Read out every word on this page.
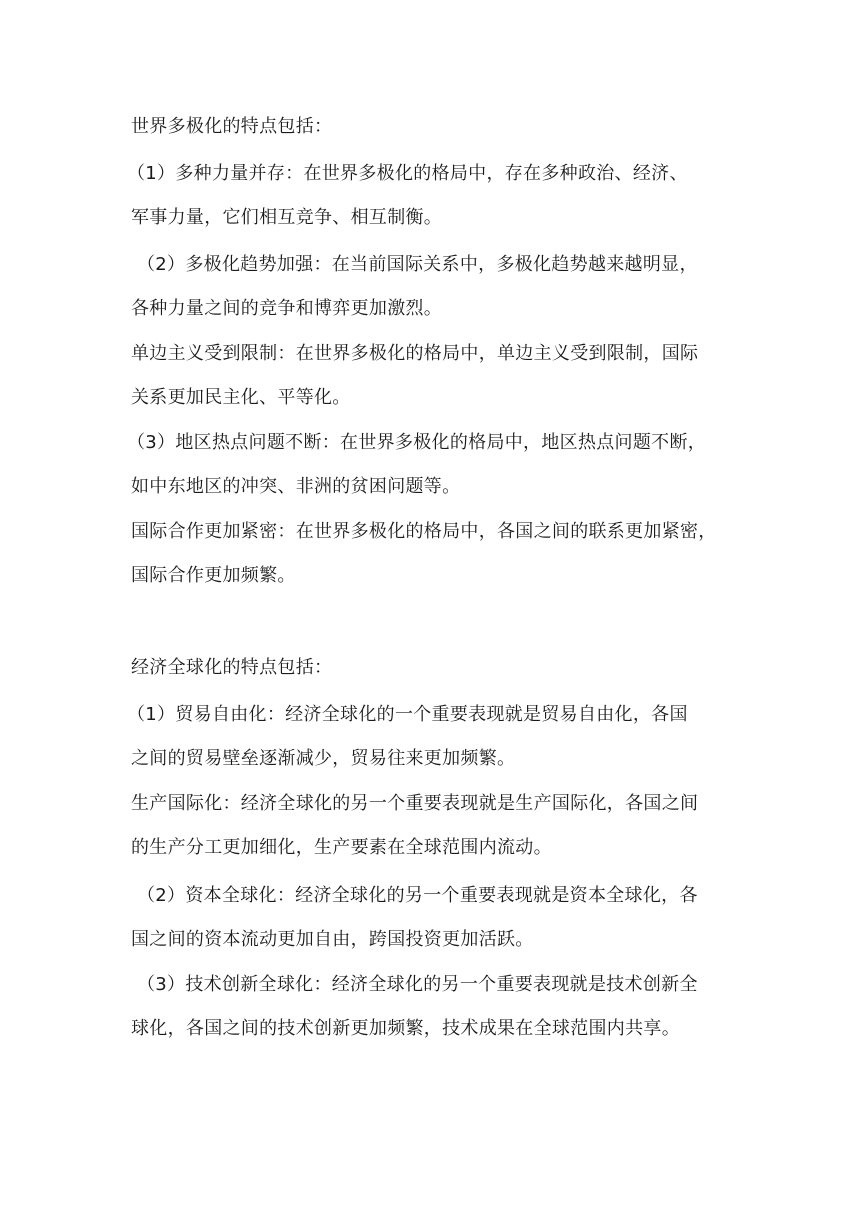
世界多极化的特点包括：
（1）多种力量并存：在世界多极化的格局中，存在多种政治、经济、
军事力量，它们相互竞争、相互制衡。
（2）多极化趋势加强：在当前国际关系中，多极化趋势越来越明显，
各种力量之间的竞争和博弈更加激烈。
单边主义受到限制：在世界多极化的格局中，单边主义受到限制，国际
关系更加民主化、平等化。
（3）地区热点问题不断：在世界多极化的格局中，地区热点问题不断，
如中东地区的冲突、非洲的贫困问题等。
国际合作更加紧密：在世界多极化的格局中，各国之间的联系更加紧密，
国际合作更加频繁。
经济全球化的特点包括：
（1）贸易自由化：经济全球化的一个重要表现就是贸易自由化，各国
之间的贸易壁垒逐渐减少，贸易往来更加频繁。
生产国际化：经济全球化的另一个重要表现就是生产国际化，各国之间
的生产分工更加细化，生产要素在全球范围内流动。
（2）资本全球化：经济全球化的另一个重要表现就是资本全球化，各
国之间的资本流动更加自由，跨国投资更加活跃。
（3）技术创新全球化：经济全球化的另一个重要表现就是技术创新全
球化，各国之间的技术创新更加频繁，技术成果在全球范围内共享。
